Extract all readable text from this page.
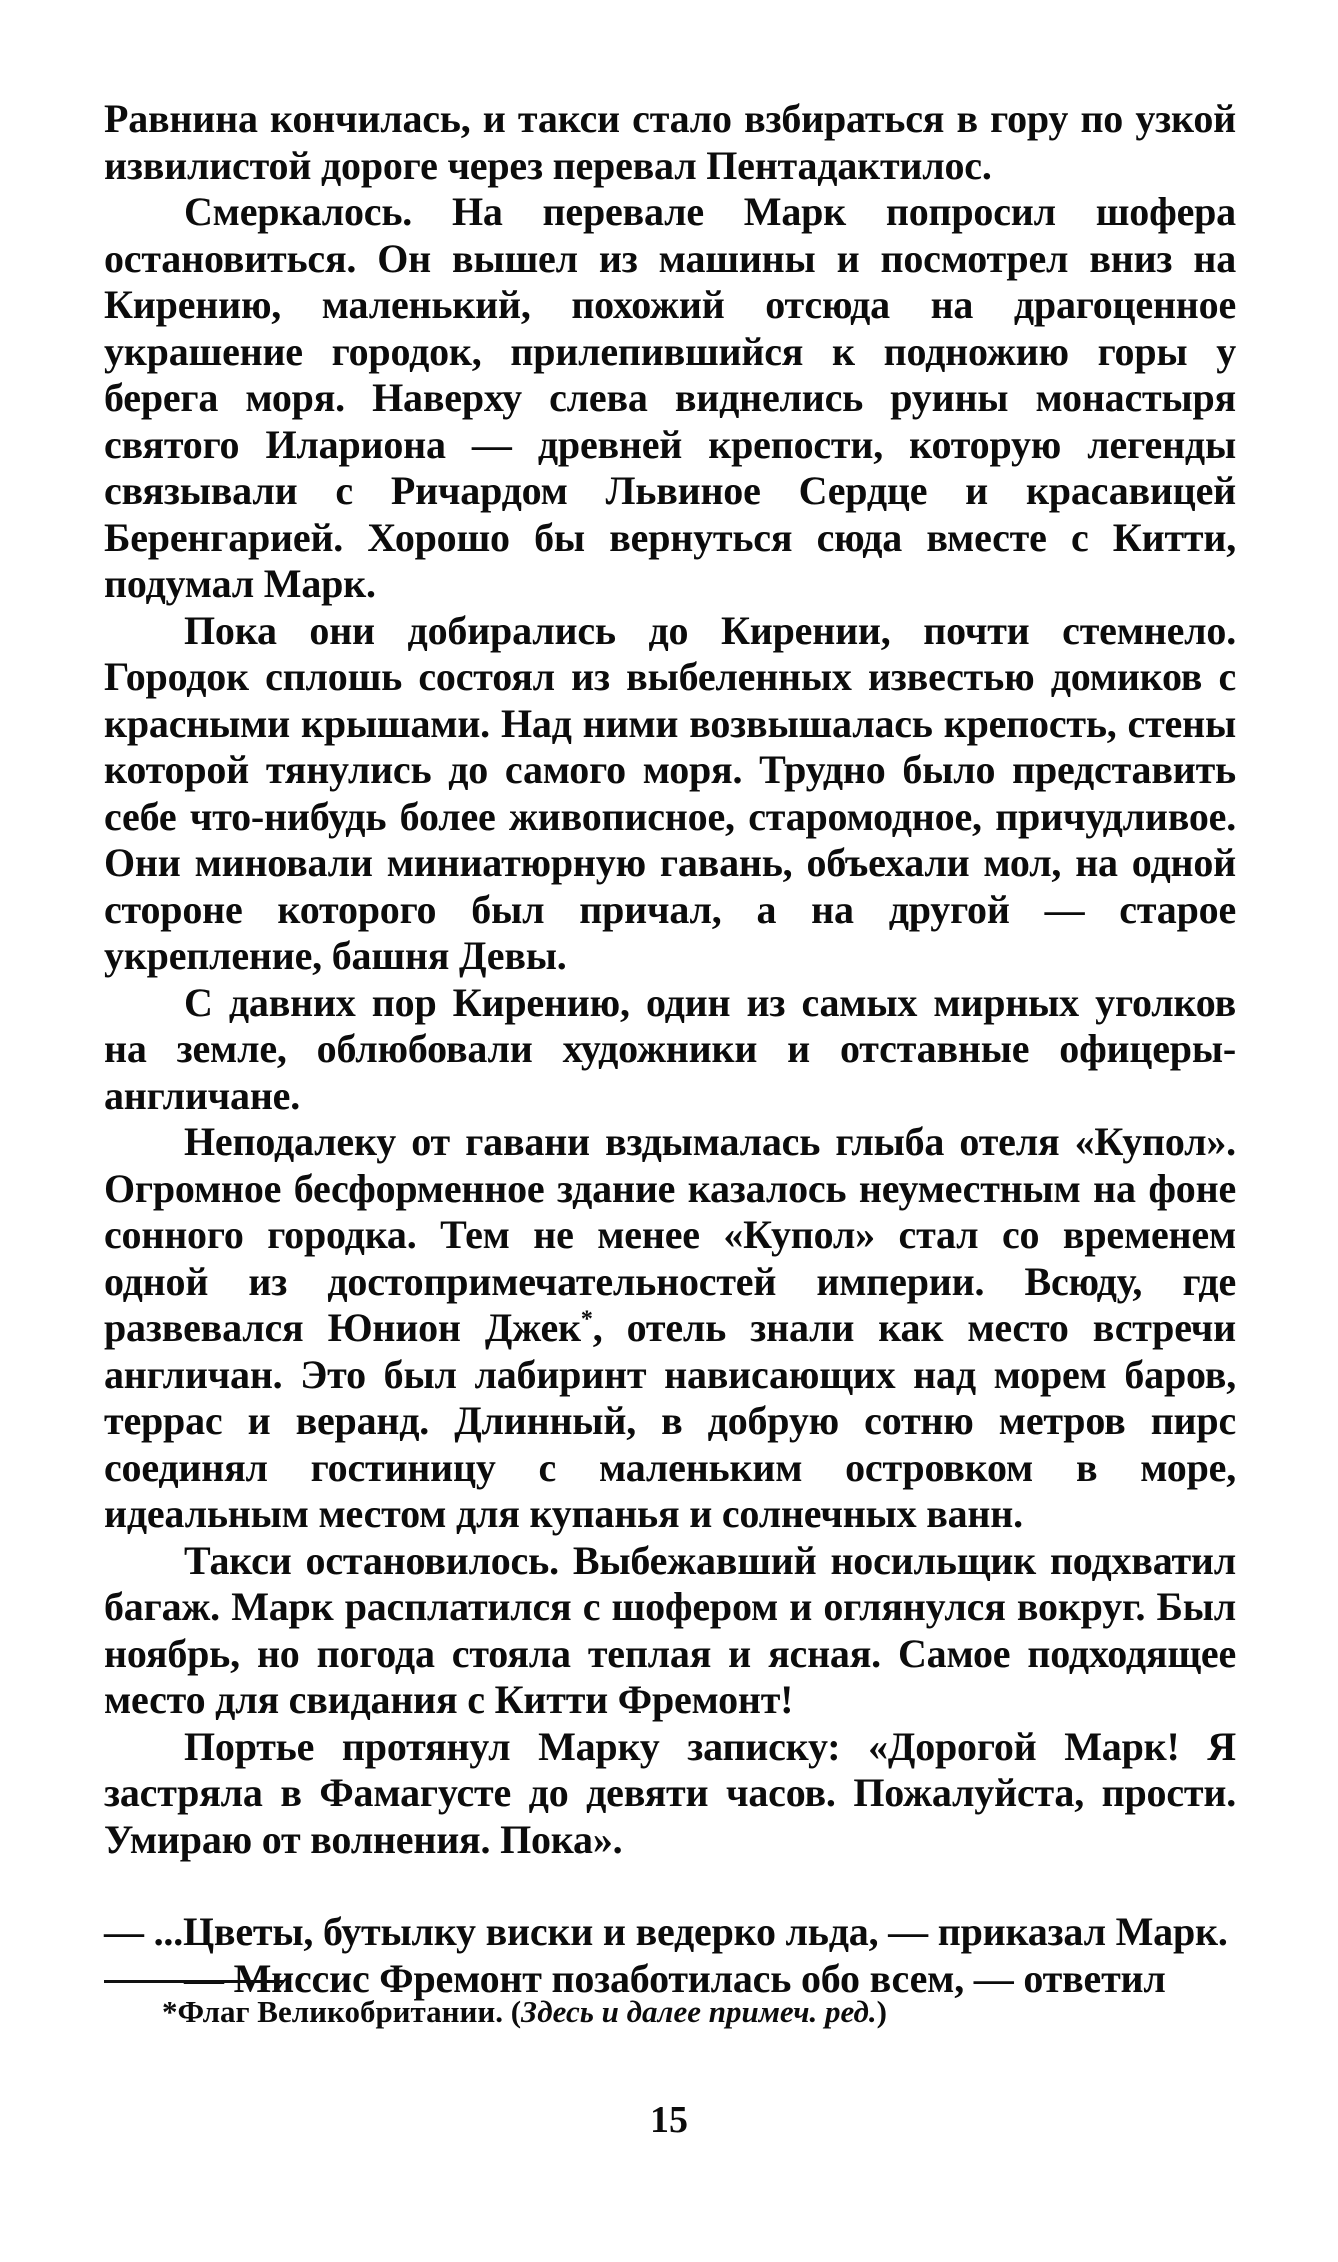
Равнина кончилась, и такси стало взбираться в гору по узкой извилистой дороге через перевал Пентадактилос.

Смеркалось. На перевале Марк попросил шофера остановиться. Он вышел из машины и посмотрел вниз на Кирению, маленький, похожий отсюда на драгоценное украшение городок, прилепившийся к подножию горы у берега моря. Наверху слева виднелись руины монастыря святого Илариона — древней крепости, которую легенды связывали с Ричардом Львиное Сердце и красавицей Беренгарией. Хорошо бы вернуться сюда вместе с Китти, подумал Марк.

Пока они добирались до Кирении, почти стемнело. Городок сплошь состоял из выбеленных известью домиков с красными крышами. Над ними возвышалась крепость, стены которой тянулись до самого моря. Трудно было представить себе что-нибудь более живописное, старомодное, причудливое. Они миновали миниатюрную гавань, объехали мол, на одной стороне которого был причал, а на другой — старое укрепление, башня Девы.

С давних пор Кирению, один из самых мирных уголков на земле, облюбовали художники и отставные офицеры-англичане.

Неподалеку от гавани вздымалась глыба отеля «Купол». Огромное бесформенное здание казалось неуместным на фоне сонного городка. Тем не менее «Купол» стал со временем одной из достопримечательностей империи. Всюду, где развевался Юнион Джек*, отель знали как место встречи англичан. Это был лабиринт нависающих над морем баров, террас и веранд. Длинный, в добрую сотню метров пирс соединял гостиницу с маленьким островком в море, идеальным местом для купанья и солнечных ванн.

Такси остановилось. Выбежавший носильщик подхватил багаж. Марк расплатился с шофером и оглянулся вокруг. Был ноябрь, но погода стояла теплая и ясная. Самое подходящее место для свидания с Китти Фремонт!

Портье протянул Марку записку: «Дорогой Марк! Я застряла в Фамагусте до девяти часов. Пожалуйста, прости. Умираю от волнения. Пока».

— ...Цветы, бутылку виски и ведерко льда, — приказал Марк.

— Миссис Фремонт позаботилась обо всем, — ответил

*Флаг Великобритании. (Здесь и далее примеч. ред.)
15
